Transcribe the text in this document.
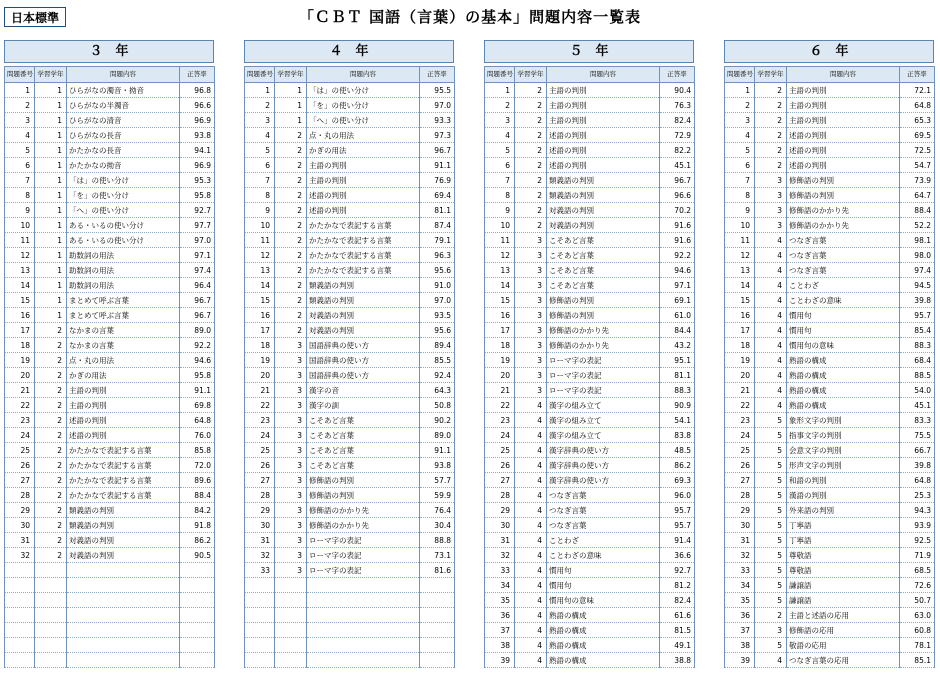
日本標準	「ＣＢＴ 国語（言葉）の基本」問題内容一覧表
３　年
問題番号	学習学年	問題内容	正答率
1	1	ひらがなの濁音・拗音	96.8
2	1	ひらがなの半濁音	96.6
3	1	ひらがなの清音	96.9
4	1	ひらがなの長音	93.8
5	1	かたかなの長音	94.1
6	1	かたかなの拗音	96.9
7	1	「は」の使い分け	95.3
8	1	「を」の使い分け	95.8
9	1	「へ」の使い分け	92.7
10	1	ある・いるの使い分け	97.7
11	1	ある・いるの使い分け	97.0
12	1	助数詞の用法	97.1
13	1	助数詞の用法	97.4
14	1	助数詞の用法	96.4
15	1	まとめて呼ぶ言葉	96.7
16	1	まとめて呼ぶ言葉	96.7
17	2	なかまの言葉	89.0
18	2	なかまの言葉	92.2
19	2	点・丸の用法	94.6
20	2	かぎの用法	95.8
21	2	主語の判別	91.1
22	2	主語の判別	69.8
23	2	述語の判別	64.8
24	2	述語の判別	76.0
25	2	かたかなで表記する言葉	85.8
26	2	かたかなで表記する言葉	72.0
27	2	かたかなで表記する言葉	89.6
28	2	かたかなで表記する言葉	88.4
29	2	類義語の判別	84.2
30	2	類義語の判別	91.8
31	2	対義語の判別	86.2
32	2	対義語の判別	90.5

４　年
問題番号	学習学年	問題内容	正答率
1	1	「は」の使い分け	95.5
2	1	「を」の使い分け	97.0
3	1	「へ」の使い分け	93.3
4	2	点・丸の用法	97.3
5	2	かぎの用法	96.7
6	2	主語の判別	91.1
7	2	主語の判別	76.9
8	2	述語の判別	69.4
9	2	述語の判別	81.1
10	2	かたかなで表記する言葉	87.4
11	2	かたかなで表記する言葉	79.1
12	2	かたかなで表記する言葉	96.3
13	2	かたかなで表記する言葉	95.6
14	2	類義語の判別	91.0
15	2	類義語の判別	97.0
16	2	対義語の判別	93.5
17	2	対義語の判別	95.6
18	3	国語辞典の使い方	89.4
19	3	国語辞典の使い方	85.5
20	3	国語辞典の使い方	92.4
21	3	漢字の音	64.3
22	3	漢字の訓	50.8
23	3	こそあど言葉	90.2
24	3	こそあど言葉	89.0
25	3	こそあど言葉	91.1
26	3	こそあど言葉	93.8
27	3	修飾語の判別	57.7
28	3	修飾語の判別	59.9
29	3	修飾語のかかり先	76.4
30	3	修飾語のかかり先	30.4
31	3	ローマ字の表記	88.8
32	3	ローマ字の表記	73.1
33	3	ローマ字の表記	81.6

５　年
問題番号	学習学年	問題内容	正答率
1	2	主語の判別	90.4
2	2	主語の判別	76.3
3	2	主語の判別	82.4
4	2	述語の判別	72.9
5	2	述語の判別	82.2
6	2	述語の判別	45.1
7	2	類義語の判別	96.7
8	2	類義語の判別	96.6
9	2	対義語の判別	70.2
10	2	対義語の判別	91.6
11	3	こそあど言葉	91.6
12	3	こそあど言葉	92.2
13	3	こそあど言葉	94.6
14	3	こそあど言葉	97.1
15	3	修飾語の判別	69.1
16	3	修飾語の判別	61.0
17	3	修飾語のかかり先	84.4
18	3	修飾語のかかり先	43.2
19	3	ローマ字の表記	95.1
20	3	ローマ字の表記	81.1
21	3	ローマ字の表記	88.3
22	4	漢字の組み立て	90.9
23	4	漢字の組み立て	54.1
24	4	漢字の組み立て	83.8
25	4	漢字辞典の使い方	48.5
26	4	漢字辞典の使い方	86.2
27	4	漢字辞典の使い方	69.3
28	4	つなぎ言葉	96.0
29	4	つなぎ言葉	95.7
30	4	つなぎ言葉	95.7
31	4	ことわざ	91.4
32	4	ことわざの意味	36.6
33	4	慣用句	92.7
34	4	慣用句	81.2
35	4	慣用句の意味	82.4
36	4	熟語の構成	61.6
37	4	熟語の構成	81.5
38	4	熟語の構成	49.1
39	4	熟語の構成	38.8
６　年
問題番号	学習学年	問題内容	正答率
1	2	主語の判別	72.1
2	2	主語の判別	64.8
3	2	主語の判別	65.3
4	2	述語の判別	69.5
5	2	述語の判別	72.5
6	2	述語の判別	54.7
7	3	修飾語の判別	73.9
8	3	修飾語の判別	64.7
9	3	修飾語のかかり先	88.4
10	3	修飾語のかかり先	52.2
11	4	つなぎ言葉	98.1
12	4	つなぎ言葉	98.0
13	4	つなぎ言葉	97.4
14	4	ことわざ	94.5
15	4	ことわざの意味	39.8
16	4	慣用句	95.7
17	4	慣用句	85.4
18	4	慣用句の意味	88.3
19	4	熟語の構成	68.4
20	4	熟語の構成	88.5
21	4	熟語の構成	54.0
22	4	熟語の構成	45.1
23	5	象形文字の判別	83.3
24	5	指事文字の判別	75.5
25	5	会意文字の判別	66.7
26	5	形声文字の判別	39.8
27	5	和語の判別	64.8
28	5	漢語の判別	25.3
29	5	外来語の判別	94.3
30	5	丁寧語	93.9
31	5	丁寧語	92.5
32	5	尊敬語	71.9
33	5	尊敬語	68.5
34	5	謙譲語	72.6
35	5	謙譲語	50.7
36	2	主語と述語の応用	63.0
37	3	修飾語の応用	60.8
38	5	敬語の応用	78.1
39	4	つなぎ言葉の応用	85.1
